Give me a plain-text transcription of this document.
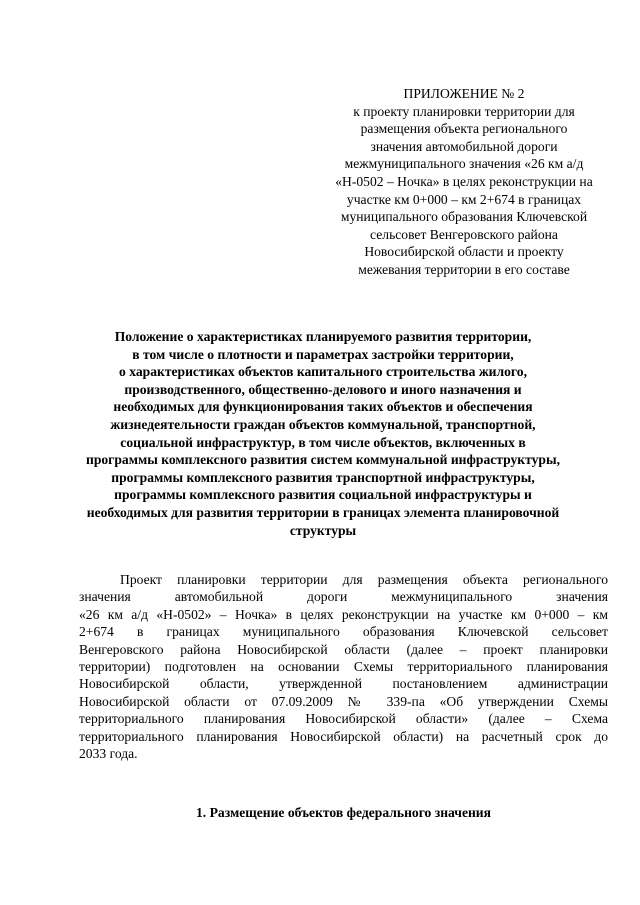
ПРИЛОЖЕНИЕ № 2
к проекту планировки территории для
размещения объекта регионального
значения автомобильной дороги
межмуниципального значения «26 км а/д
«Н-0502 – Ночка» в целях реконструкции на
участке км 0+000 – км 2+674 в границах
муниципального образования Ключевской
сельсовет Венгеровского района
Новосибирской области и проекту
межевания территории в его составе
Положение о характеристиках планируемого развития территории,
в том числе о плотности и параметрах застройки территории,
о характеристиках объектов капитального строительства жилого,
производственного, общественно-делового и иного назначения и
необходимых для функционирования таких объектов и обеспечения
жизнедеятельности граждан объектов коммунальной, транспортной,
социальной инфраструктур, в том числе объектов, включенных в
программы комплексного развития систем коммунальной инфраструктуры,
программы комплексного развития транспортной инфраструктуры,
программы комплексного развития социальной инфраструктуры и
необходимых для развития территории в границах элемента планировочной
структуры
Проект планировки территории для размещения объекта регионального
значения автомобильной дороги межмуниципального значения
«26 км а/д «Н-0502» – Ночка» в целях реконструкции на участке км 0+000 – км
2+674 в границах муниципального образования Ключевской сельсовет
Венгеровского района Новосибирской области (далее – проект планировки
территории) подготовлен на основании Схемы территориального планирования
Новосибирской области, утвержденной постановлением администрации
Новосибирской области от 07.09.2009 № 339-па «Об утверждении Схемы
территориального планирования Новосибирской области» (далее – Схема
территориального планирования Новосибирской области) на расчетный срок до
2033 года.
1. Размещение объектов федерального значения
